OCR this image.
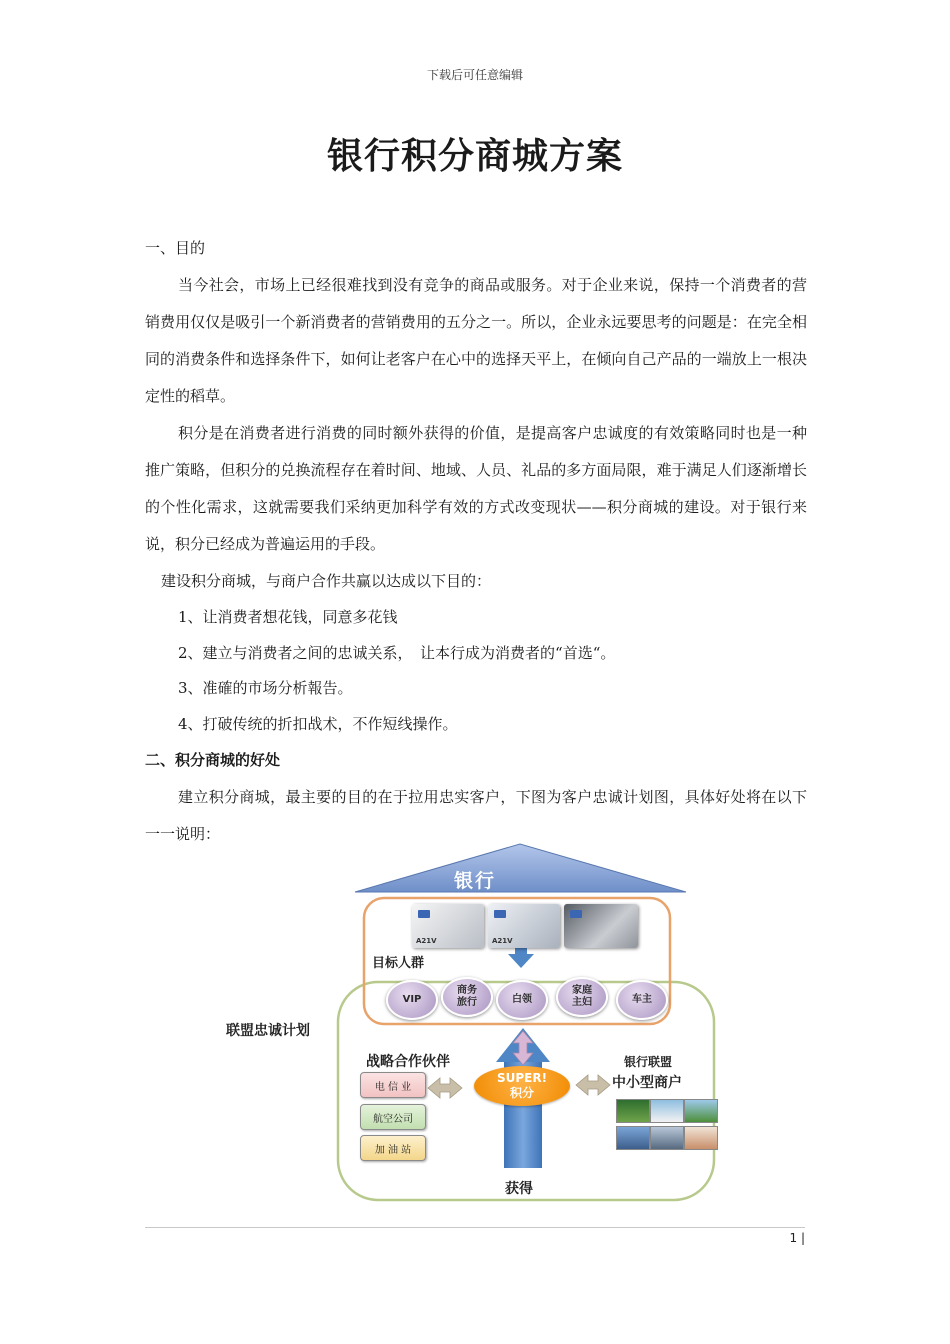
下载后可任意编辑
银行积分商城方案

一、目的

当今社会，市场上已经很难找到没有竞争的商品或服务。对于企业来说，保持一个消费者的营销费用仅仅是吸引一个新消费者的营销费用的五分之一。所以，企业永远要思考的问题是：在完全相同的消费条件和选择条件下，如何让老客户在心中的选择天平上，在倾向自己产品的一端放上一根决定性的稻草。

积分是在消费者进行消费的同时额外获得的价值，是提高客户忠诚度的有效策略同时也是一种推广策略，但积分的兑换流程存在着时间、地域、人员、礼品的多方面局限，难于满足人们逐渐增长的个性化需求，这就需要我们采纳更加科学有效的方式改变现状——积分商城的建设。对于银行来说，积分已经成为普遍运用的手段。

建设积分商城，与商户合作共赢以达成以下目的：

1、让消费者想花钱，同意多花钱

2、建立与消费者之间的忠诚关系，　让本行成为消费者的“首选“。

3、准確的市场分析報告。

4、打破传统的折扣战术，不作短线操作。

二、积分商城的好处

建立积分商城，最主要的目的在于拉用忠实客户，下图为客户忠诚计划图，具体好处将在以下一一说明：

银行
A21V	A21V
目标人群
VIP
商务
旅行	白领
家庭
主妇	车主
联盟忠诚计划
战略合作伙伴
电 信 业
航空公司
加 油 站
SUPER!
积分
银行联盟
中小型商户
获得
1 |
